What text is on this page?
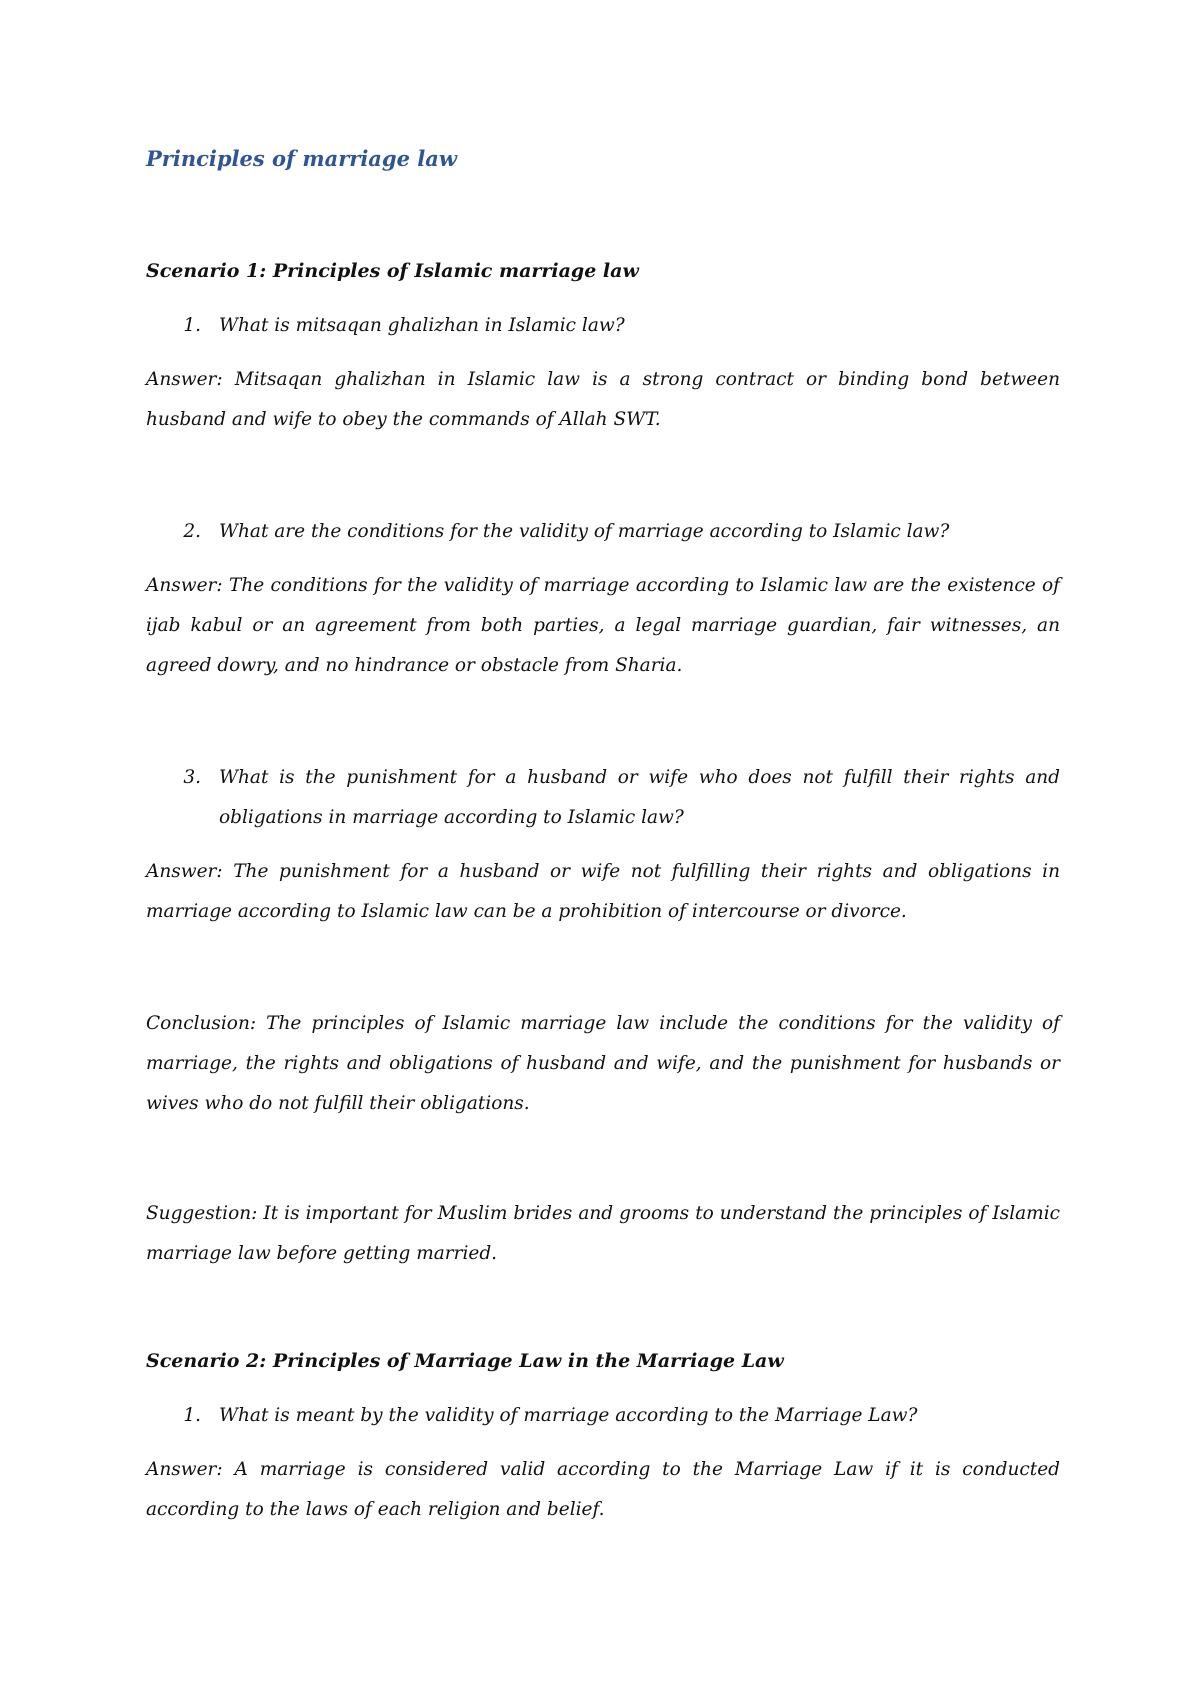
Principles of marriage law
Scenario 1: Principles of Islamic marriage law
1. What is mitsaqan ghalizhan in Islamic law?

Answer: Mitsaqan ghalizhan in Islamic law is a strong contract or binding bond between husband and wife to obey the commands of Allah SWT.

2. What are the conditions for the validity of marriage according to Islamic law?

Answer: The conditions for the validity of marriage according to Islamic law are the existence of ijab kabul or an agreement from both parties, a legal marriage guardian, fair witnesses, an agreed dowry, and no hindrance or obstacle from Sharia.

3. What is the punishment for a husband or wife who does not fulfill their rights and obligations in marriage according to Islamic law?

Answer: The punishment for a husband or wife not fulfilling their rights and obligations in marriage according to Islamic law can be a prohibition of intercourse or divorce.

Conclusion: The principles of Islamic marriage law include the conditions for the validity of marriage, the rights and obligations of husband and wife, and the punishment for husbands or wives who do not fulfill their obligations.

Suggestion: It is important for Muslim brides and grooms to understand the principles of Islamic marriage law before getting married.

Scenario 2: Principles of Marriage Law in the Marriage Law
1. What is meant by the validity of marriage according to the Marriage Law?

Answer: A marriage is considered valid according to the Marriage Law if it is conducted according to the laws of each religion and belief.
